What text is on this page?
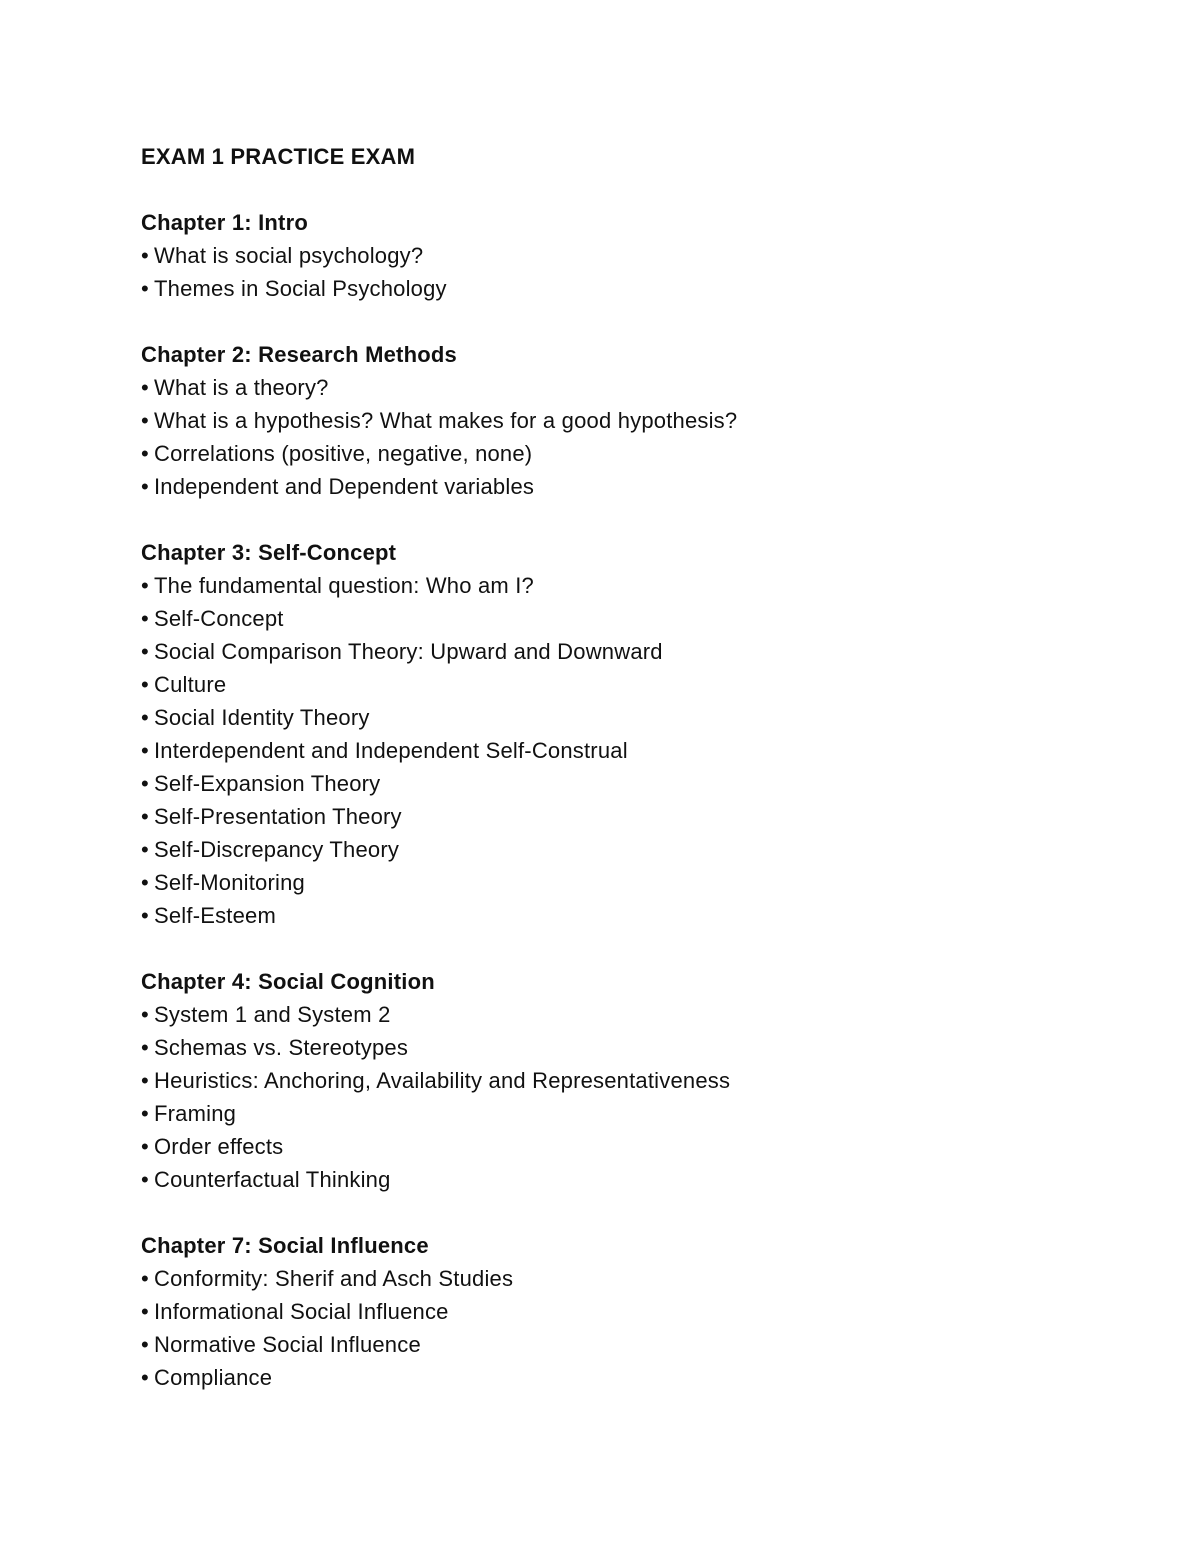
EXAM 1 PRACTICE EXAM
Chapter 1: Intro
• What is social psychology?
• Themes in Social Psychology
Chapter 2: Research Methods
• What is a theory?
• What is a hypothesis? What makes for a good hypothesis?
• Correlations (positive, negative, none)
• Independent and Dependent variables
Chapter 3: Self-Concept
• The fundamental question: Who am I?
• Self-Concept
• Social Comparison Theory: Upward and Downward
• Culture
• Social Identity Theory
• Interdependent and Independent Self-Construal
• Self-Expansion Theory
• Self-Presentation Theory
• Self-Discrepancy Theory
• Self-Monitoring
• Self-Esteem
Chapter 4: Social Cognition
• System 1 and System 2
• Schemas vs. Stereotypes
• Heuristics: Anchoring, Availability and Representativeness
• Framing
• Order effects
• Counterfactual Thinking
Chapter 7: Social Influence
• Conformity: Sherif and Asch Studies
• Informational Social Influence
• Normative Social Influence
• Compliance
